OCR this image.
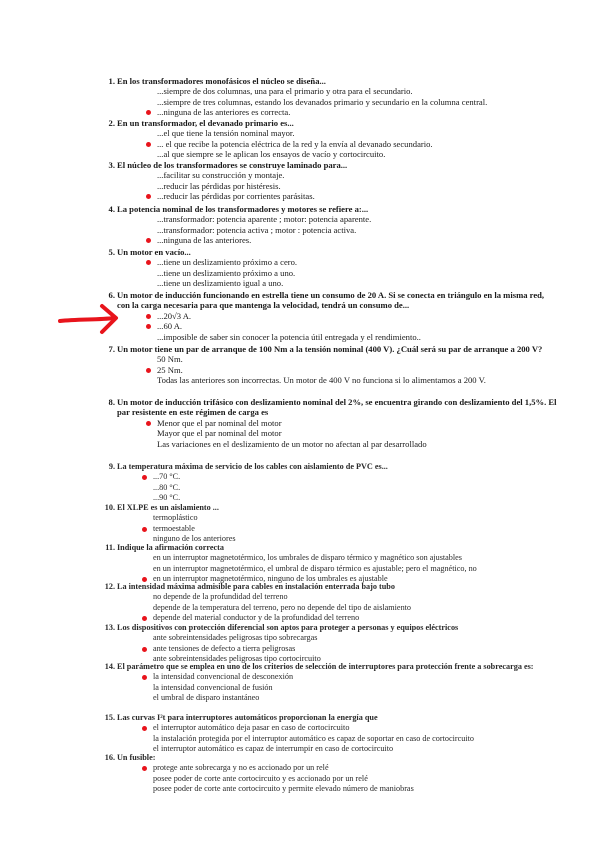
1. En los transformadores monofásicos el núcleo se diseña...
...siempre de dos columnas, una para el primario y otra para el secundario.
...siempre de tres columnas, estando los devanados primario y secundario en la columna central.
...ninguna de las anteriores es correcta.
2. En un transformador, el devanado primario es...
...el que tiene la tensión nominal mayor.
... el que recibe la potencia eléctrica de la red y la envía al devanado secundario.
...al que siempre se le aplican los ensayos de vacío y cortocircuito.
3. El núcleo de los transformadores se construye laminado para...
...facilitar su construcción y montaje.
...reducir las pérdidas por histéresis.
...reducir las pérdidas por corrientes parásitas.
4. La potencia nominal de los transformadores y motores se refiere a:...
...transformador: potencia aparente ; motor: potencia aparente.
...transformador: potencia activa ; motor : potencia activa.
...ninguna de las anteriores.
5. Un motor en vacío...
...tiene un deslizamiento próximo a cero.
...tiene un deslizamiento próximo a uno.
...tiene un deslizamiento igual a uno.
6. Un motor de inducción funcionando en estrella tiene un consumo de 20 A. Si se conecta en triángulo en la misma red, con la carga necesaria para que mantenga la velocidad, tendrá un consumo de...
...20√3 A.
...60 A.
...imposible de saber sin conocer la potencia útil entregada y el rendimiento..
7. Un motor tiene un par de arranque de 100 Nm a la tensión nominal (400 V). ¿Cuál será su par de arranque a 200 V?
50 Nm.
25 Nm.
Todas las anteriores son incorrectas. Un motor de 400 V no funciona si lo alimentamos a 200 V.
8. Un motor de inducción trifásico con deslizamiento nominal del 2%, se encuentra girando con deslizamiento del 1,5%. El par resistente en este régimen de carga es
Menor que el par nominal del motor
Mayor que el par nominal del motor
Las variaciones en el deslizamiento de un motor no afectan al par desarrollado
9. La temperatura máxima de servicio de los cables con aislamiento de PVC es...
...70 °C.
...80 °C.
...90 °C.
10. El XLPE es un aislamiento ...
termoplástico
termoestable
ninguno de los anteriores
11. Indique la afirmación correcta
en un interruptor magnetotérmico, los umbrales de disparo térmico y magnético son ajustables
en un interruptor magnetotérmico, el umbral de disparo térmico es ajustable; pero el magnético, no
en un interruptor magnetotérmico, ninguno de los umbrales es ajustable
12. La intensidad máxima admisible para cables en instalación enterrada bajo tubo
no depende de la profundidad del terreno
depende de la temperatura del terreno, pero no depende del tipo de aislamiento
depende del material conductor y de la profundidad del terreno
13. Los dispositivos con protección diferencial son aptos para proteger a personas y equipos eléctricos
ante sobreintensidades peligrosas tipo sobrecargas
ante tensiones de defecto a tierra peligrosas
ante sobreintensidades peligrosas tipo cortocircuito
14. El parámetro que se emplea en uno de los criterios de selección de interruptores para protección frente a sobrecarga es:
la intensidad convencional de desconexión
la intensidad convencional de fusión
el umbral de disparo instantáneo
15. Las curvas I²t para interruptores automáticos proporcionan la energía que
el interruptor automático deja pasar en caso de cortocircuito
la instalación protegida por el interruptor automático es capaz de soportar en caso de cortocircuito
el interruptor automático es capaz de interrumpir en caso de cortocircuito
16. Un fusible:
protege ante sobrecarga y no es accionado por un relé
posee poder de corte ante cortocircuito y es accionado por un relé
posee poder de corte ante cortocircuito y permite elevado número de maniobras
